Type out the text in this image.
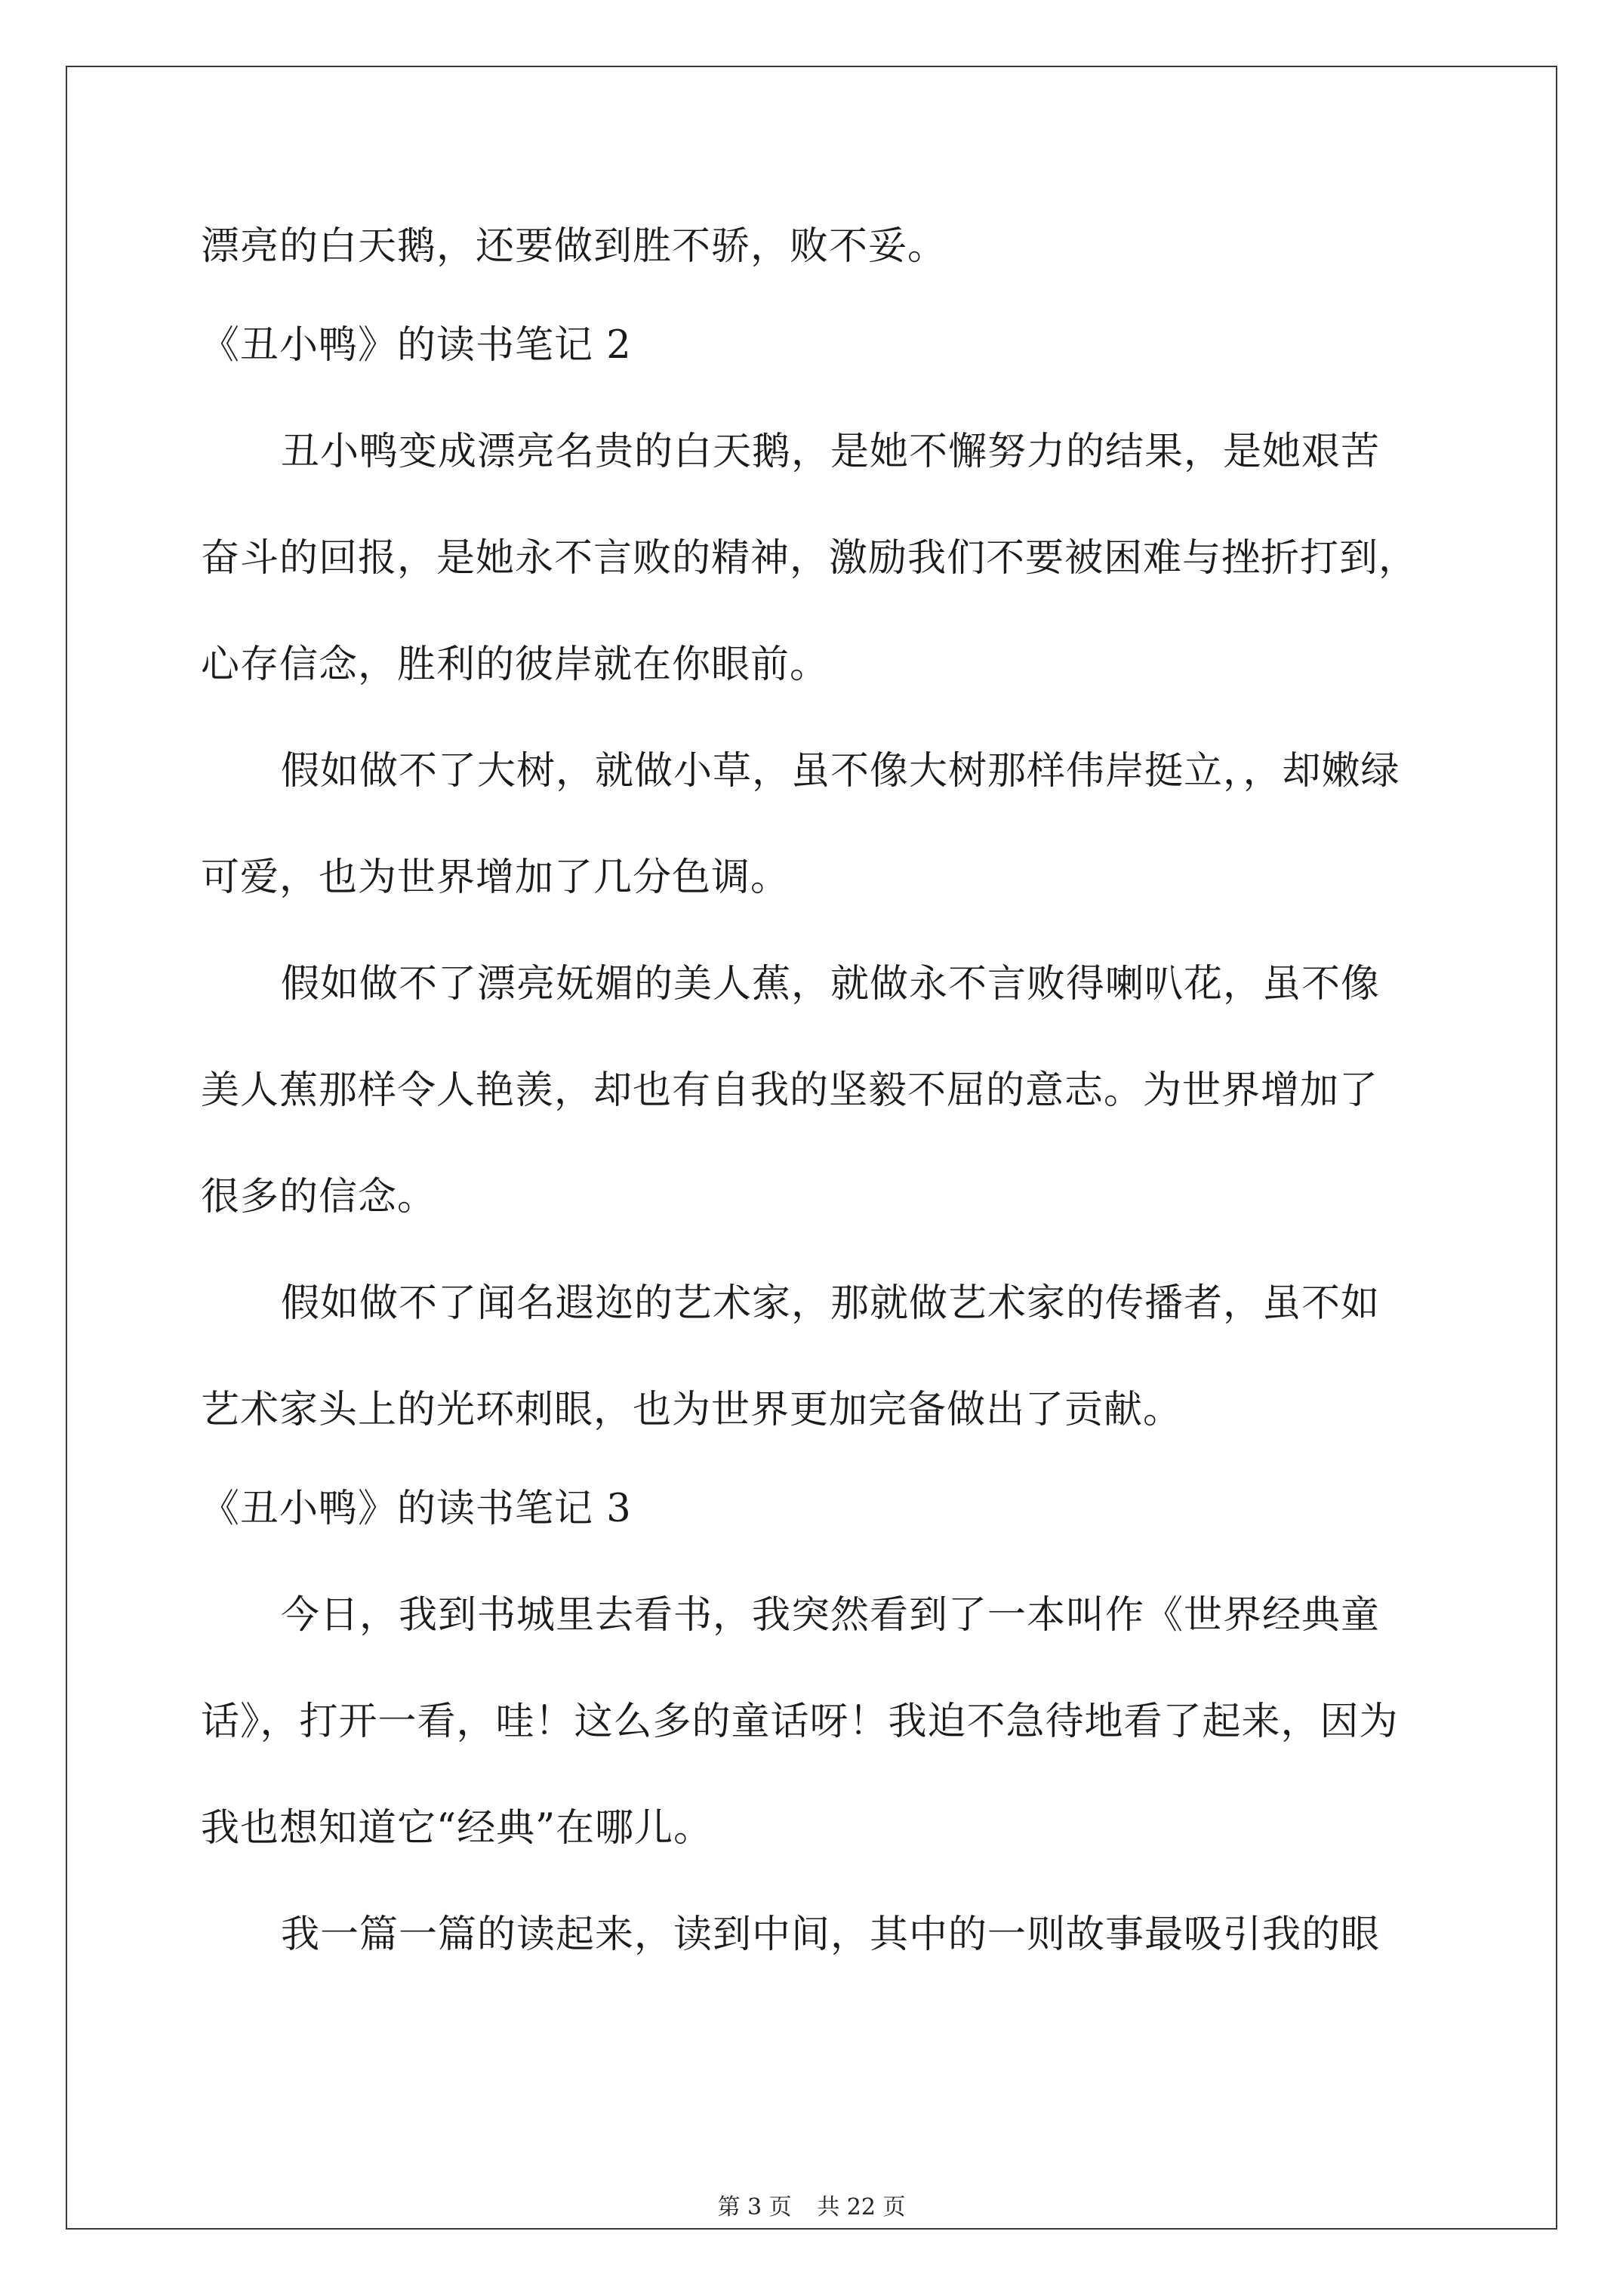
漂亮的白天鹅，还要做到胜不骄，败不妥。
《丑小鸭》的读书笔记 2
丑小鸭变成漂亮名贵的白天鹅，是她不懈努力的结果，是她艰苦
奋斗的回报，是她永不言败的精神，激励我们不要被困难与挫折打到，
心存信念，胜利的彼岸就在你眼前。
假如做不了大树，就做小草，虽不像大树那样伟岸挺立，，却嫩绿
可爱，也为世界增加了几分色调。
假如做不了漂亮妩媚的美人蕉，就做永不言败得喇叭花，虽不像
美人蕉那样令人艳羡，却也有自我的坚毅不屈的意志。为世界增加了
很多的信念。
假如做不了闻名遐迩的艺术家，那就做艺术家的传播者，虽不如
艺术家头上的光环刺眼，也为世界更加完备做出了贡献。
《丑小鸭》的读书笔记 3
今日，我到书城里去看书，我突然看到了一本叫作《世界经典童
话》，打开一看，哇！这么多的童话呀！我迫不急待地看了起来，因为
我也想知道它“经典”在哪儿。
我一篇一篇的读起来，读到中间，其中的一则故事最吸引我的眼
第 3 页 共 22 页
